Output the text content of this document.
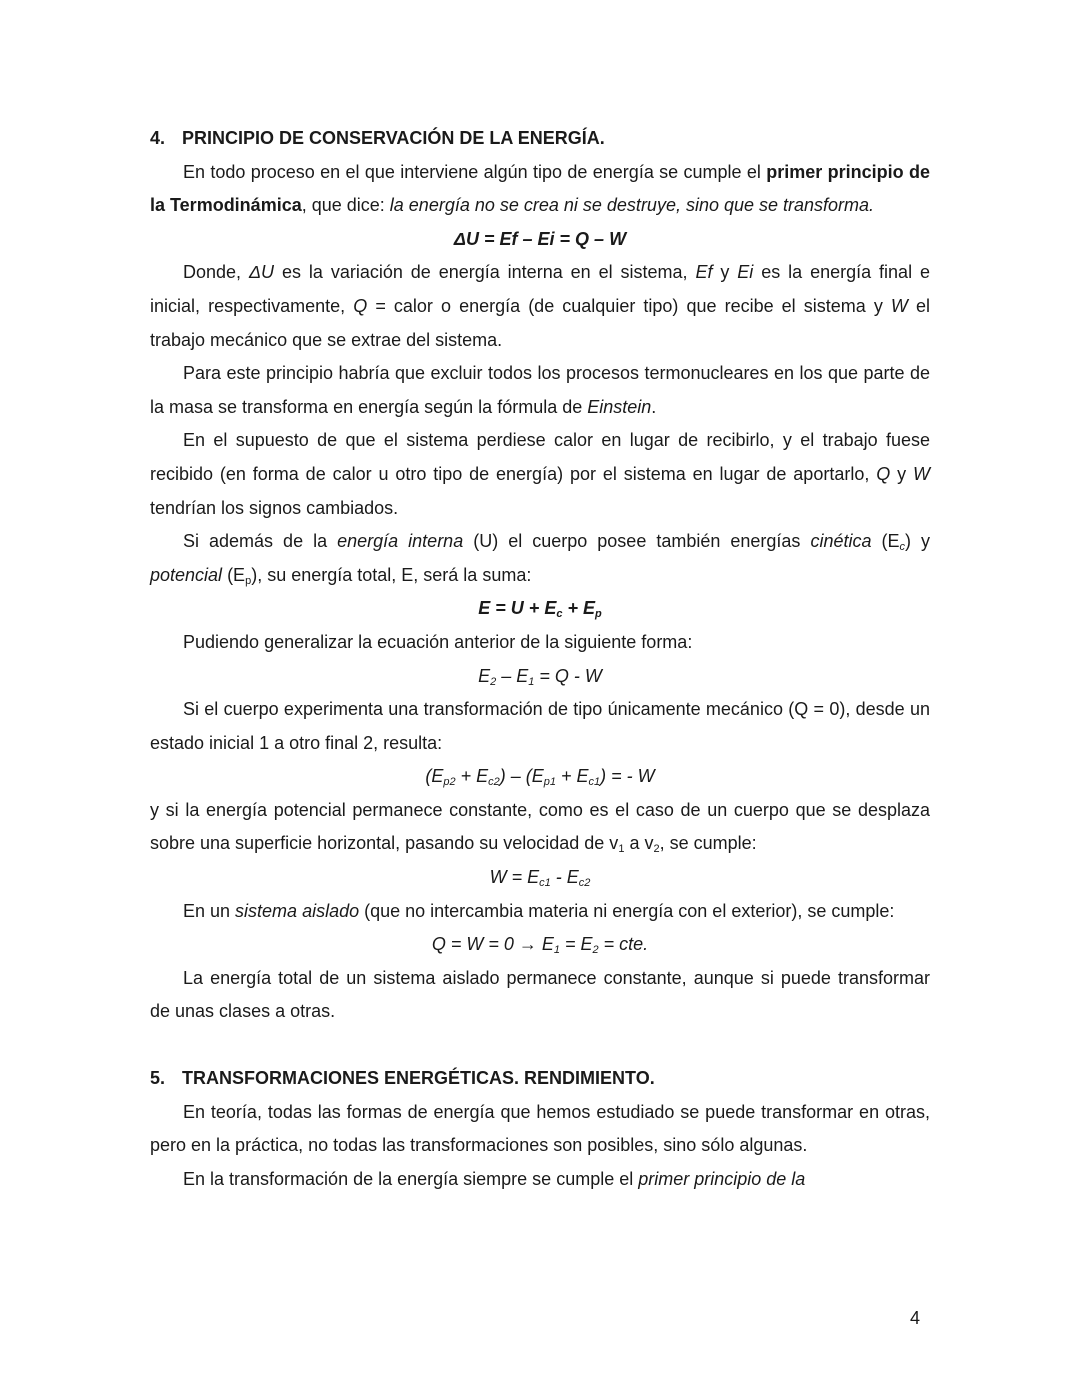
4. PRINCIPIO DE CONSERVACIÓN DE LA ENERGÍA.

En todo proceso en el que interviene algún tipo de energía se cumple el primer principio de la Termodinámica, que dice: la energía no se crea ni se destruye, sino que se transforma.

ΔU = Ef – Ei = Q – W

Donde, ΔU es la variación de energía interna en el sistema, Ef y Ei es la energía final e inicial, respectivamente, Q = calor o energía (de cualquier tipo) que recibe el sistema y W el trabajo mecánico que se extrae del sistema.

Para este principio habría que excluir todos los procesos termonucleares en los que parte de la masa se transforma en energía según la fórmula de Einstein.

En el supuesto de que el sistema perdiese calor en lugar de recibirlo, y el trabajo fuese recibido (en forma de calor u otro tipo de energía) por el sistema en lugar de aportarlo, Q y W tendrían los signos cambiados.

Si además de la energía interna (U) el cuerpo posee también energías cinética $(E_c)$ y potencial $(E_p)$, su energía total, E, será la suma:

$E = U + E_c + E_p$

Pudiendo generalizar la ecuación anterior de la siguiente forma:

$E_2 - E_1 = Q - W$

Si el cuerpo experimenta una transformación de tipo únicamente mecánico (Q = 0), desde un estado inicial 1 a otro final 2, resulta:

$(E_{p2} + E_{c2}) - (E_{p1} + E_{c1})$ = - W

y si la energía potencial permanece constante, como es el caso de un cuerpo que se desplaza sobre una superficie horizontal, pasando su velocidad de $v_1$ a $v_2$, se cumple:

$W = E_{c1} - E_{c2}$

En un sistema aislado (que no intercambia materia ni energía con el exterior), se cumple:

$Q = W = 0 \to E_1 = E_2$ = cte.

La energía total de un sistema aislado permanece constante, aunque si puede transformar de unas clases a otras.

5. TRANSFORMACIONES ENERGÉTICAS. RENDIMIENTO.

En teoría, todas las formas de energía que hemos estudiado se puede transformar en otras, pero en la práctica, no todas las transformaciones son posibles, sino sólo algunas.

En la transformación de la energía siempre se cumple el primer principio de la

4
